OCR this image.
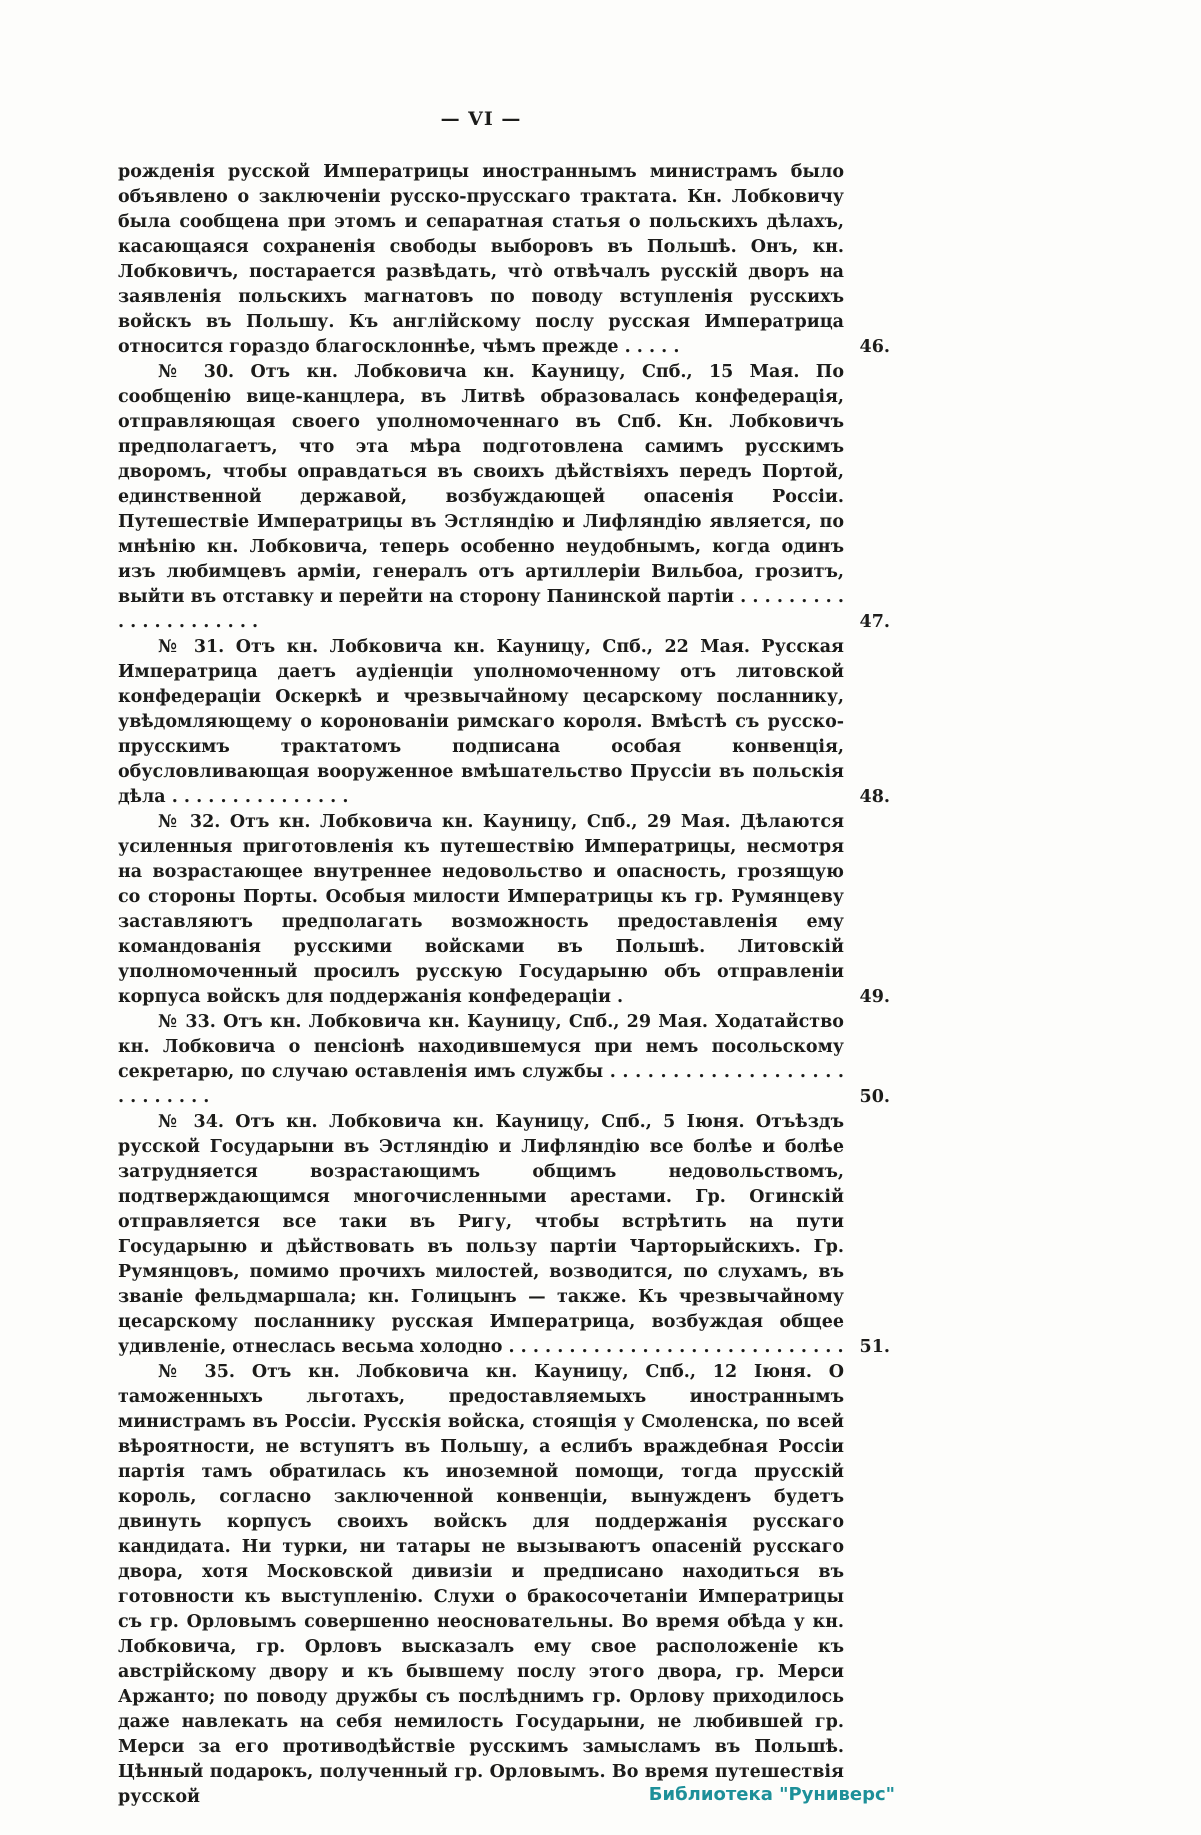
— VI —

рожденія русской Императрицы иностраннымъ министрамъ было объявлено о заключеніи русско-прусскаго трактата. Кн. Лобковичу была сообщена при этомъ и сепаратная статья о польскихъ дѣлахъ, касающаяся сохраненія свободы выборовъ въ Польшѣ. Онъ, кн. Лобковичъ, постарается развѣдать, что̀ отвѣчалъ русскій дворъ на заявленія польскихъ магнатовъ по поводу вступленія русскихъ войскъ въ Польшу. Къ англійскому послу русская Императрица относится гораздо благосклоннѣе, чѣмъ прежде . . . . .	46.

№ 30. Отъ кн. Лобковича кн. Кауницу, Спб., 15 Мая. По сообщенію вице-канцлера, въ Литвѣ образовалась конфедерація, отправляющая своего уполномоченнаго въ Спб. Кн. Лобковичъ предполагаетъ, что эта мѣра подготовлена самимъ русскимъ дворомъ, чтобы оправдаться въ своихъ дѣйствіяхъ передъ Портой, единственной державой, возбуждающей опасенія Россіи. Путешествіе Императрицы въ Эстляндію и Лифляндію является, по мнѣнію кн. Лобковича, теперь особенно неудобнымъ, когда одинъ изъ любимцевъ арміи, генералъ отъ артиллеріи Вильбоа, грозитъ, выйти въ отставку и перейти на сторону Панинской партіи . . . . . . . . . . . . . . . . . . . . .	47.

№ 31. Отъ кн. Лобковича кн. Кауницу, Спб., 22 Мая. Русская Императрица даетъ аудіенціи уполномоченному отъ литовской конфедераціи Оскеркѣ и чрезвычайному цесарскому посланнику, увѣдомляющему о коронованіи римскаго короля. Вмѣстѣ съ русско-прусскимъ трактатомъ подписана особая конвенція, обусловливающая вооруженное вмѣшательство Пруссіи въ польскія дѣла . . . . . . . . . . . . . . .	48.

№ 32. Отъ кн. Лобковича кн. Кауницу, Спб., 29 Мая. Дѣлаются усиленныя приготовленія къ путешествію Императрицы, несмотря на возрастающее внутреннее недовольство и опасность, грозящую со стороны Порты. Особыя милости Императрицы къ гр. Румянцеву заставляютъ предполагать возможность предоставленія ему командованія русскими войсками въ Польшѣ. Литовскій уполномоченный просилъ русскую Государыню объ отправленіи корпуса войскъ для поддержанія конфедераціи .	49.

№ 33. Отъ кн. Лобковича кн. Кауницу, Спб., 29 Мая. Ходатайство кн. Лобковича о пенсіонѣ находившемуся при немъ посольскому секретарю, по случаю оставленія имъ службы . . . . . . . . . . . . . . . . . . . . . . . . . . .	50.

№ 34. Отъ кн. Лобковича кн. Кауницу, Спб., 5 Іюня. Отъѣздъ русской Государыни въ Эстляндію и Лифляндію все болѣе и болѣе затрудняется возрастающимъ общимъ недовольствомъ, подтверждающимся многочисленными арестами. Гр. Огинскій отправляется все таки въ Ригу, чтобы встрѣтить на пути Государыню и дѣйствовать въ пользу партіи Чарторыйскихъ. Гр. Румянцовъ, помимо прочихъ милостей, возводится, по слухамъ, въ званіе фельдмаршала; кн. Голицынъ — также. Къ чрезвычайному цесарскому посланнику русская Императрица, возбуждая общее удивленіе, отнеслась весьма холодно . . . . . . . . . . . . . . . . . . . . . . . . . . . . 51.

№ 35. Отъ кн. Лобковича кн. Кауницу, Спб., 12 Іюня. О таможенныхъ льготахъ, предоставляемыхъ иностраннымъ министрамъ въ Россіи. Русскія войска, стоящія у Смоленска, по всей вѣроятности, не вступятъ въ Польшу, а еслибъ враждебная Россіи партія тамъ обратилась къ иноземной помощи, тогда прусскій король, согласно заключенной конвенціи, вынужденъ будетъ двинуть корпусъ своихъ войскъ для поддержанія русскаго кандидата. Ни турки, ни татары не вызываютъ опасеній русскаго двора, хотя Московской дивизіи и предписано находиться въ готовности къ выступленію. Слухи о бракосочетаніи Императрицы съ гр. Орловымъ совершенно неосновательны. Во время обѣда у кн. Лобковича, гр. Орловъ высказалъ ему свое расположеніе къ австрійскому двору и къ бывшему послу этого двора, гр. Мерси Аржанто; по поводу дружбы съ послѣднимъ гр. Орлову приходилось даже навлекать на себя немилость Государыни, не любившей гр. Мерси за его противодѣйствіе русскимъ замысламъ въ Польшѣ. Цѣнный подарокъ, полученный гр. Орловымъ. Во время путешествія русской	Библиотека "Руниверс"
